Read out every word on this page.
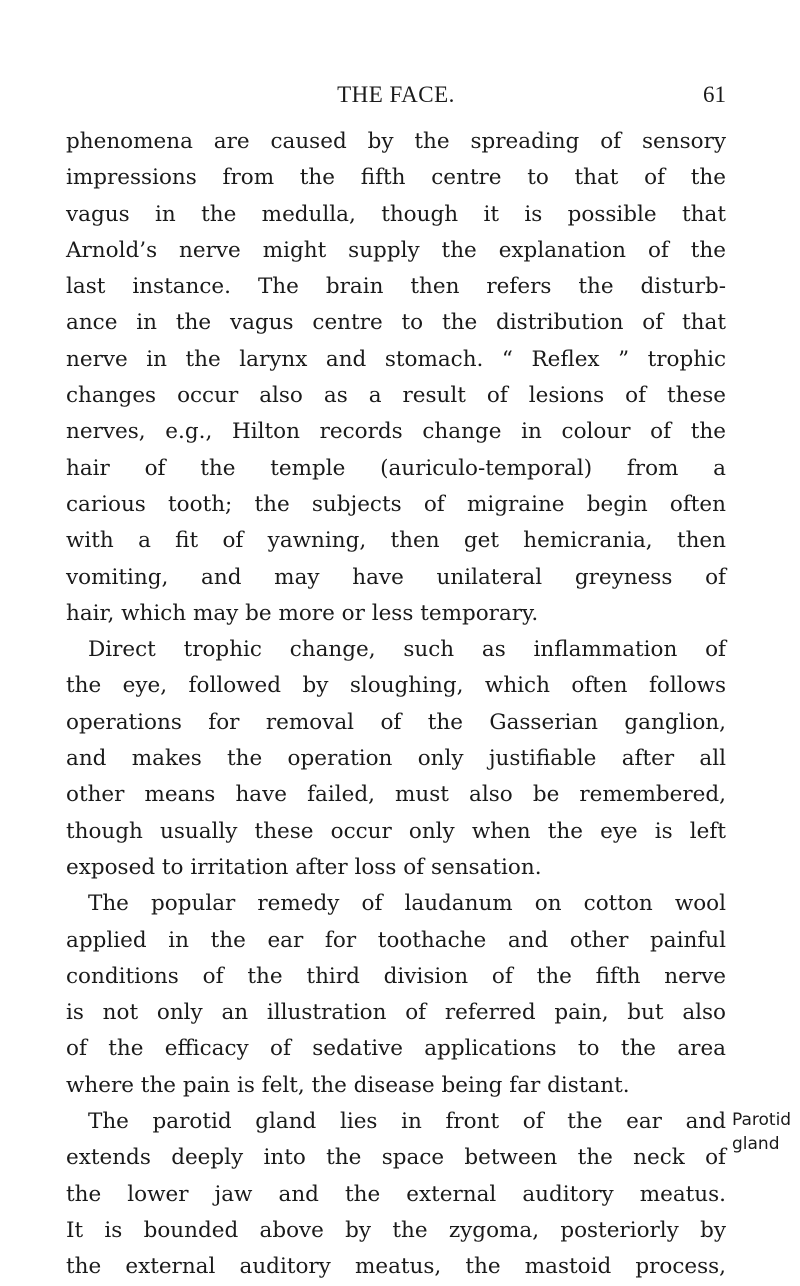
THE FACE.	61
phenomena are caused by the spreading of sensory
impressions from the fifth centre to that of the
vagus in the medulla, though it is possible that
Arnold’s nerve might supply the explanation of the
last instance. The brain then refers the disturb-
ance in the vagus centre to the distribution of that
nerve in the larynx and stomach. “ Reflex ” trophic
changes occur also as a result of lesions of these
nerves, e.g., Hilton records change in colour of the
hair of the temple (auriculo-temporal) from a
carious tooth; the subjects of migraine begin often
with a fit of yawning, then get hemicrania, then
vomiting, and may have unilateral greyness of
hair, which may be more or less temporary.
Direct trophic change, such as inflammation of
the eye, followed by sloughing, which often follows
operations for removal of the Gasserian ganglion,
and makes the operation only justifiable after all
other means have failed, must also be remembered,
though usually these occur only when the eye is left
exposed to irritation after loss of sensation.
The popular remedy of laudanum on cotton wool
applied in the ear for toothache and other painful
conditions of the third division of the fifth nerve
is not only an illustration of referred pain, but also
of the efficacy of sedative applications to the area
where the pain is felt, the disease being far distant.
The parotid gland lies in front of the ear and
extends deeply into the space between the neck of
the lower jaw and the external auditory meatus.
It is bounded above by the zygoma, posteriorly by
the external auditory meatus, the mastoid process,
Parotid
gland
